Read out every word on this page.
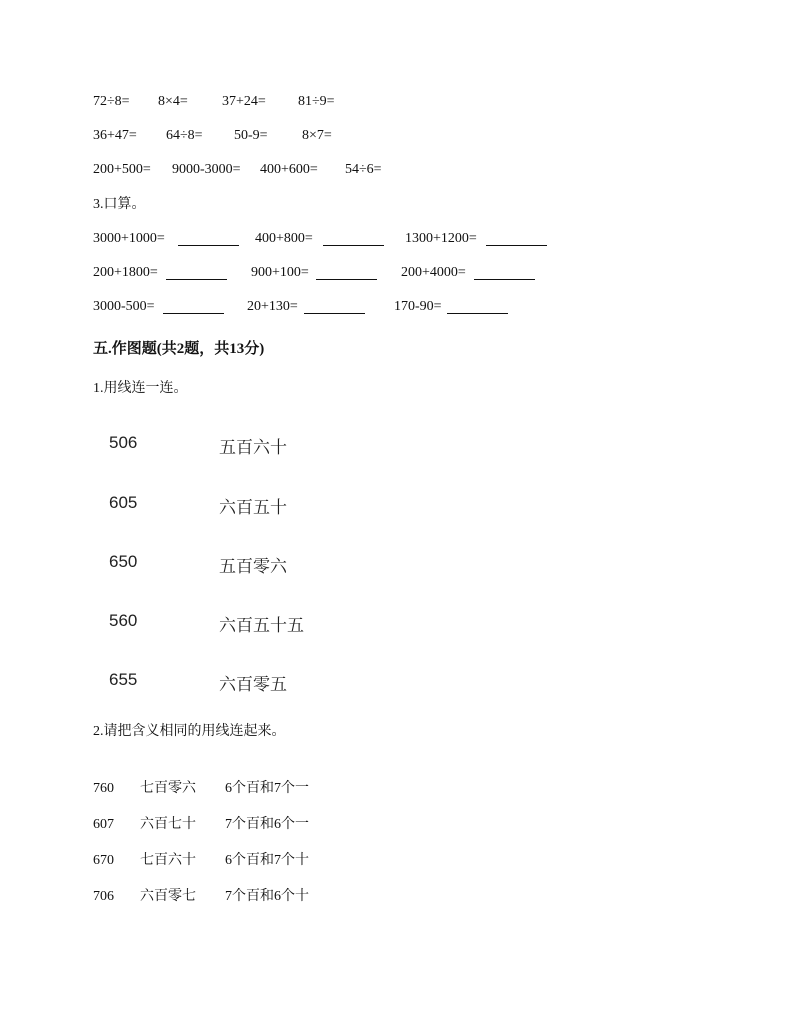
72÷8= 8×4= 37+24= 81÷9=
36+47= 64÷8= 50-9= 8×7=
200+500= 9000-3000= 400+600= 54÷6=
3.口算。
3000+1000=	400+800=	1300+1200=
200+1800=	900+100=	200+4000=
3000-500=	20+130=	170-90=
五.作图题(共2题，共13分)
1.用线连一连。
506	五百六十
605	六百五十
650	五百零六
560	六百五十五
655	六百零五
2.请把含义相同的用线连起来。
760 七百零六 6个百和7个一
607 六百七十 7个百和6个一
670 七百六十 6个百和7个十
706 六百零七 7个百和6个十
